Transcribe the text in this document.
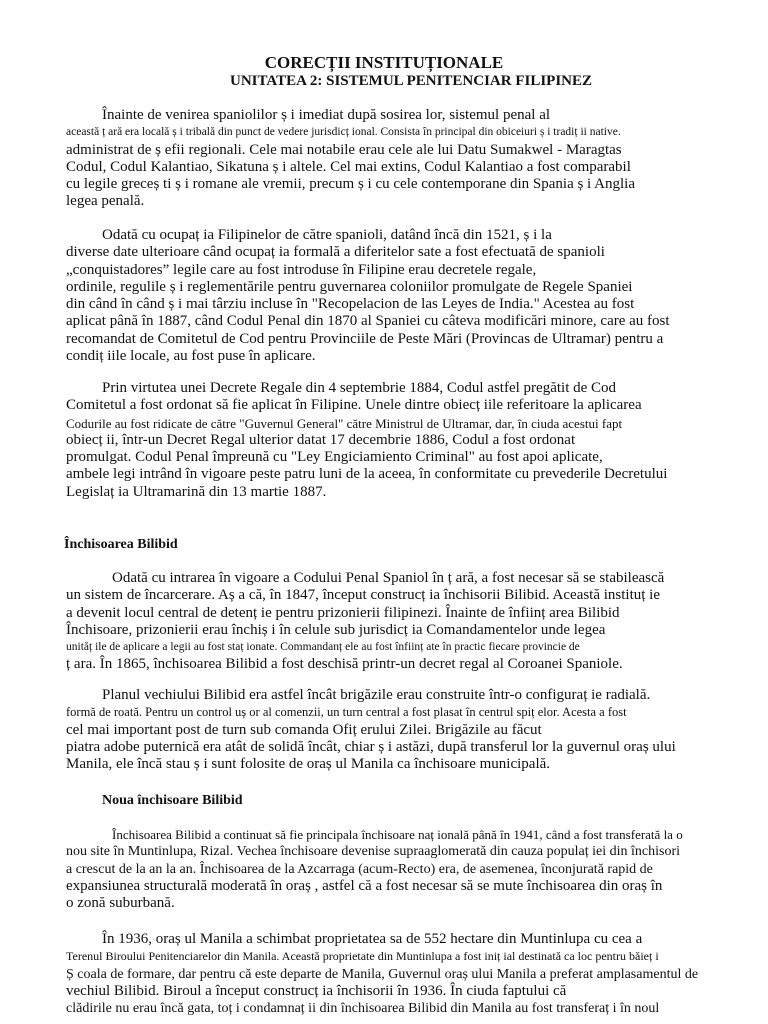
CORECȚII INSTITUȚIONALE
UNITATEA 2: SISTEMUL PENITENCIAR FILIPINEZ
Înainte de venirea spaniolilor ș i imediat după sosirea lor, sistemul penal al
această ț ară era locală ș i tribală din punct de vedere jurisdicț ional. Consista în principal din obiceiuri ș i tradiț ii native.
administrat de ș efii regionali. Cele mai notabile erau cele ale lui Datu Sumakwel - Maragtas
Codul, Codul Kalantiao, Sikatuna ș i altele. Cel mai extins, Codul Kalantiao a fost comparabil
cu legile greceș ti ș i romane ale vremii, precum ș i cu cele contemporane din Spania ș i Anglia
legea penală.
Odată cu ocupaț ia Filipinelor de către spanioli, datând încă din 1521, ș i la
diverse date ulterioare când ocupaț ia formală a diferitelor sate a fost efectuată de spanioli
„conquistadores” legile care au fost introduse în Filipine erau decretele regale,
ordinile, regulile ș i reglementările pentru guvernarea coloniilor promulgate de Regele Spaniei
din când în când ș i mai târziu incluse în "Recopelacion de las Leyes de India." Acestea au fost
aplicat până în 1887, când Codul Penal din 1870 al Spaniei cu câteva modificări minore, care au fost
recomandat de Comitetul de Cod pentru Provinciile de Peste Mări (Provincas de Ultramar) pentru a
condiț iile locale, au fost puse în aplicare.
Prin virtutea unei Decrete Regale din 4 septembrie 1884, Codul astfel pregătit de Cod
Comitetul a fost ordonat să fie aplicat în Filipine. Unele dintre obiecț iile referitoare la aplicarea
Codurile au fost ridicate de către "Guvernul General" către Ministrul de Ultramar, dar, în ciuda acestui fapt
obiecț ii, într-un Decret Regal ulterior datat 17 decembrie 1886, Codul a fost ordonat
promulgat. Codul Penal împreună cu "Ley Engiciamiento Criminal" au fost apoi aplicate,
ambele legi intrând în vigoare peste patru luni de la aceea, în conformitate cu prevederile Decretului
Legislaț ia Ultramarină din 13 martie 1887.
Închisoarea Bilibid
Odată cu intrarea în vigoare a Codului Penal Spaniol în ț ară, a fost necesar să se stabilească
un sistem de încarcerare. Aș a că, în 1847, început construcț ia închisorii Bilibid. Această instituț ie
a devenit locul central de detenț ie pentru prizonierii filipinezi. Înainte de înființ area Bilibid
Închisoare, prizonierii erau închiș i în celule sub jurisdicț ia Comandamentelor unde legea
unităț ile de aplicare a legii au fost staț ionate. Commandanț ele au fost înființ ate în practic fiecare provincie de
ț ara. În 1865, închisoarea Bilibid a fost deschisă printr-un decret regal al Coroanei Spaniole.
Planul vechiului Bilibid era astfel încât brigăzile erau construite într-o configuraț ie radială.
formă de roată. Pentru un control uș or al comenzii, un turn central a fost plasat în centrul spiț elor. Acesta a fost
cel mai important post de turn sub comanda Ofiț erului Zilei. Brigăzile au făcut
piatra adobe puternică era atât de solidă încât, chiar ș i astăzi, după transferul lor la guvernul oraș ului
Manila, ele încă stau ș i sunt folosite de oraș ul Manila ca închisoare municipală.
Noua închisoare Bilibid
Închisoarea Bilibid a continuat să fie principala închisoare naț ională până în 1941, când a fost transferată la o
nou site în Muntinlupa, Rizal. Vechea închisoare devenise supraaglomerată din cauza populaț iei din închisori
a crescut de la an la an. Închisoarea de la Azcarraga (acum-Recto) era, de asemenea, înconjurată rapid de
expansiunea structurală moderată în oraș , astfel că a fost necesar să se mute închisoarea din oraș în
o zonă suburbană.
În 1936, oraș ul Manila a schimbat proprietatea sa de 552 hectare din Muntinlupa cu cea a
Terenul Biroului Penitenciarelor din Manila. Această proprietate din Muntinlupa a fost iniț ial destinată ca loc pentru băieț i
Ș coala de formare, dar pentru că este departe de Manila, Guvernul oraș ului Manila a preferat amplasamentul de
vechiul Bilibid. Biroul a început construcț ia închisorii în 1936. În ciuda faptului că
clădirile nu erau încă gata, toț i condamnaț ii din închisoarea Bilibid din Manila au fost transferaț i în noul
